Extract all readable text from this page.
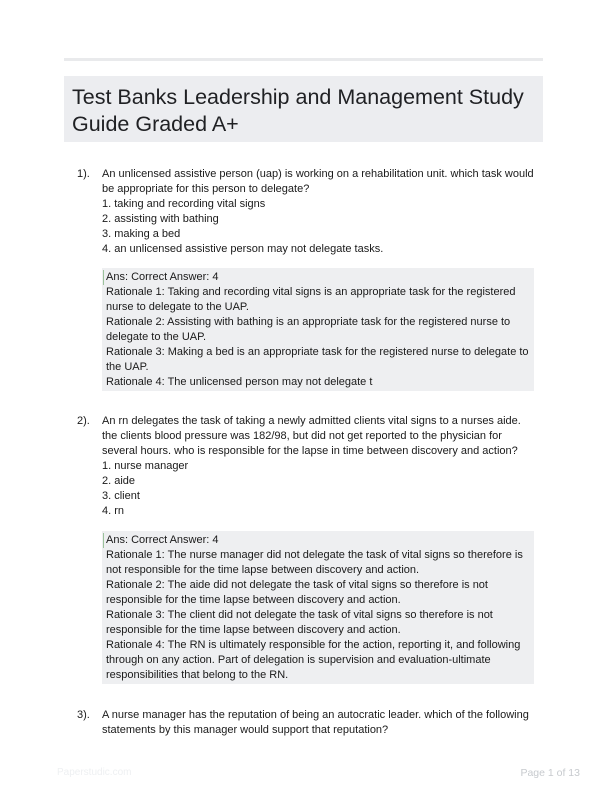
Test Banks Leadership and Management Study Guide Graded A+
1). An unlicensed assistive person (uap) is working on a rehabilitation unit. which task would be appropriate for this person to delegate?
1. taking and recording vital signs
2. assisting with bathing
3. making a bed
4. an unlicensed assistive person may not delegate tasks.
Ans: Correct Answer: 4
Rationale 1: Taking and recording vital signs is an appropriate task for the registered nurse to delegate to the UAP.
Rationale 2: Assisting with bathing is an appropriate task for the registered nurse to delegate to the UAP.
Rationale 3: Making a bed is an appropriate task for the registered nurse to delegate to the UAP.
Rationale 4: The unlicensed person may not delegate t
2). An rn delegates the task of taking a newly admitted clients vital signs to a nurses aide. the clients blood pressure was 182/98, but did not get reported to the physician for several hours. who is responsible for the lapse in time between discovery and action?
1. nurse manager
2. aide
3. client
4. rn
Ans: Correct Answer: 4
Rationale 1: The nurse manager did not delegate the task of vital signs so therefore is not responsible for the time lapse between discovery and action.
Rationale 2: The aide did not delegate the task of vital signs so therefore is not responsible for the time lapse between discovery and action.
Rationale 3: The client did not delegate the task of vital signs so therefore is not responsible for the time lapse between discovery and action.
Rationale 4: The RN is ultimately responsible for the action, reporting it, and following through on any action. Part of delegation is supervision and evaluation-ultimate responsibilities that belong to the RN.
3). A nurse manager has the reputation of being an autocratic leader. which of the following statements by this manager would support that reputation?
Paperstudic.com	Page 1 of 13
